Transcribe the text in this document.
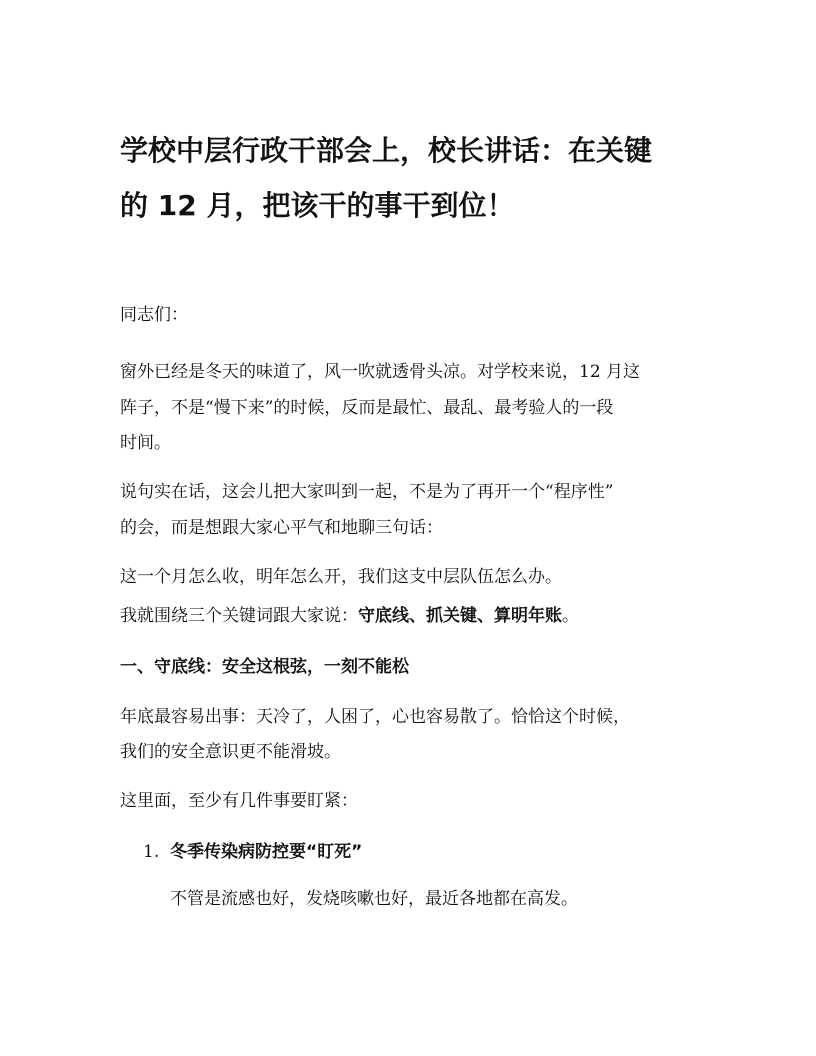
学校中层行政干部会上，校长讲话：在关键
的 12 月，把该干的事干到位！
同志们：
窗外已经是冬天的味道了，风一吹就透骨头凉。对学校来说，12 月这
阵子，不是“慢下来”的时候，反而是最忙、最乱、最考验人的一段
时间。
说句实在话，这会儿把大家叫到一起，不是为了再开一个“程序性”
的会，而是想跟大家心平气和地聊三句话：
这一个月怎么收，明年怎么开，我们这支中层队伍怎么办。
我就围绕三个关键词跟大家说：守底线、抓关键、算明年账。
一、守底线：安全这根弦，一刻不能松
年底最容易出事：天冷了，人困了，心也容易散了。恰恰这个时候，
我们的安全意识更不能滑坡。
这里面，至少有几件事要盯紧：
1. 冬季传染病防控要“盯死”
不管是流感也好，发烧咳嗽也好，最近各地都在高发。
